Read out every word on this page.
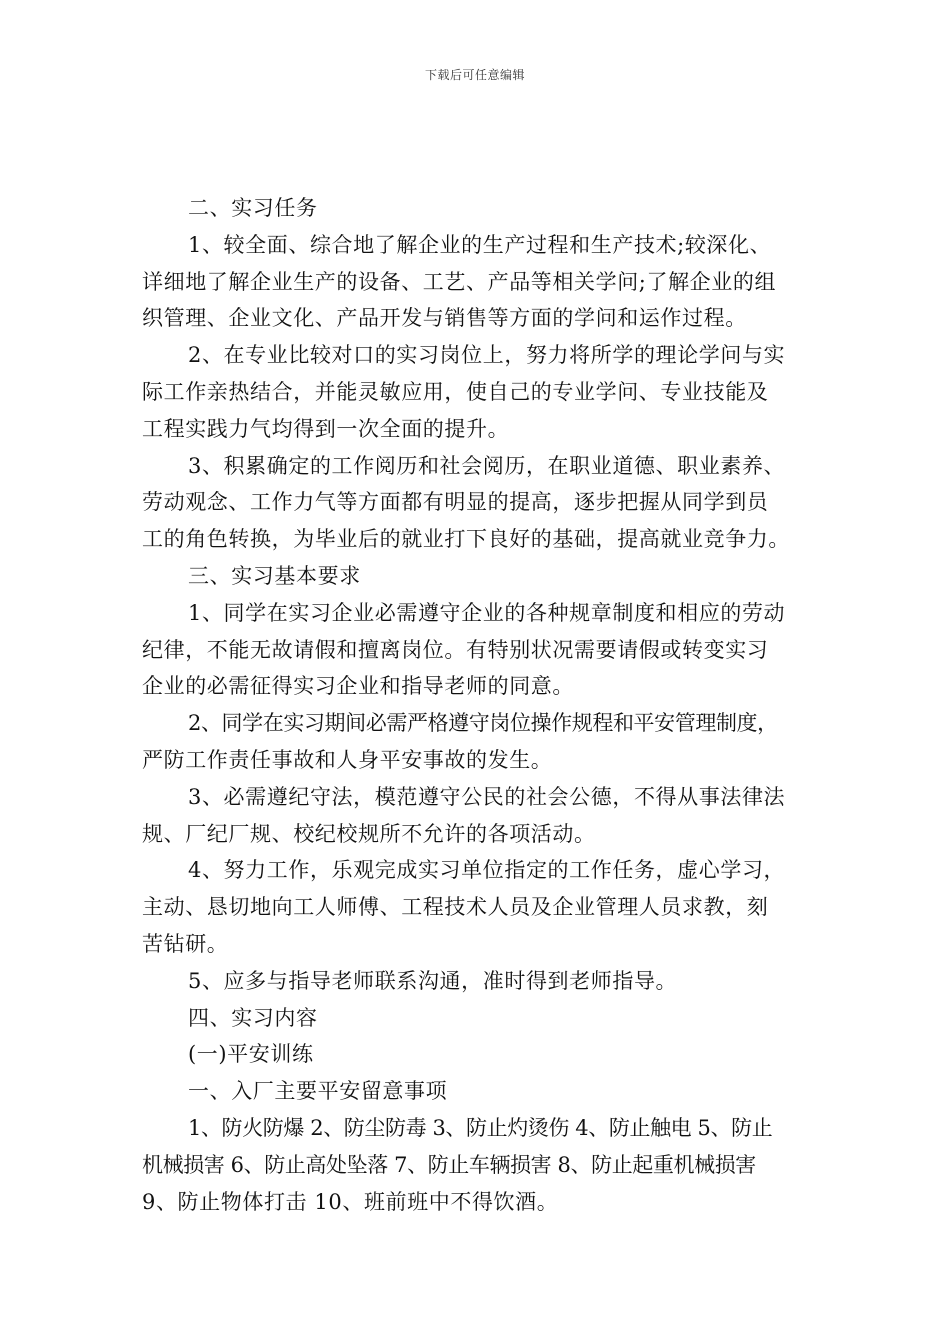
下载后可任意编辑
二、实习任务
1、较全面、综合地了解企业的生产过程和生产技术;较深化、
详细地了解企业生产的设备、工艺、产品等相关学问;了解企业的组
织管理、企业文化、产品开发与销售等方面的学问和运作过程。
2、在专业比较对口的实习岗位上，努力将所学的理论学问与实
际工作亲热结合，并能灵敏应用，使自己的专业学问、专业技能及
工程实践力气均得到一次全面的提升。
3、积累确定的工作阅历和社会阅历，在职业道德、职业素养、
劳动观念、工作力气等方面都有明显的提高，逐步把握从同学到员
工的角色转换，为毕业后的就业打下良好的基础，提高就业竞争力。
三、实习基本要求
1、同学在实习企业必需遵守企业的各种规章制度和相应的劳动
纪律，不能无故请假和擅离岗位。有特别状况需要请假或转变实习
企业的必需征得实习企业和指导老师的同意。
2、同学在实习期间必需严格遵守岗位操作规程和平安管理制度，
严防工作责任事故和人身平安事故的发生。
3、必需遵纪守法，模范遵守公民的社会公德，不得从事法律法
规、厂纪厂规、校纪校规所不允许的各项活动。
4、努力工作，乐观完成实习单位指定的工作任务，虚心学习，
主动、恳切地向工人师傅、工程技术人员及企业管理人员求教，刻
苦钻研。
5、应多与指导老师联系沟通，准时得到老师指导。
四、实习内容
(一)平安训练
一、入厂主要平安留意事项
1、防火防爆 2、防尘防毒 3、防止灼烫伤 4、防止触电 5、防止
机械损害 6、防止高处坠落 7、防止车辆损害 8、防止起重机械损害
9、防止物体打击 10、班前班中不得饮酒。
